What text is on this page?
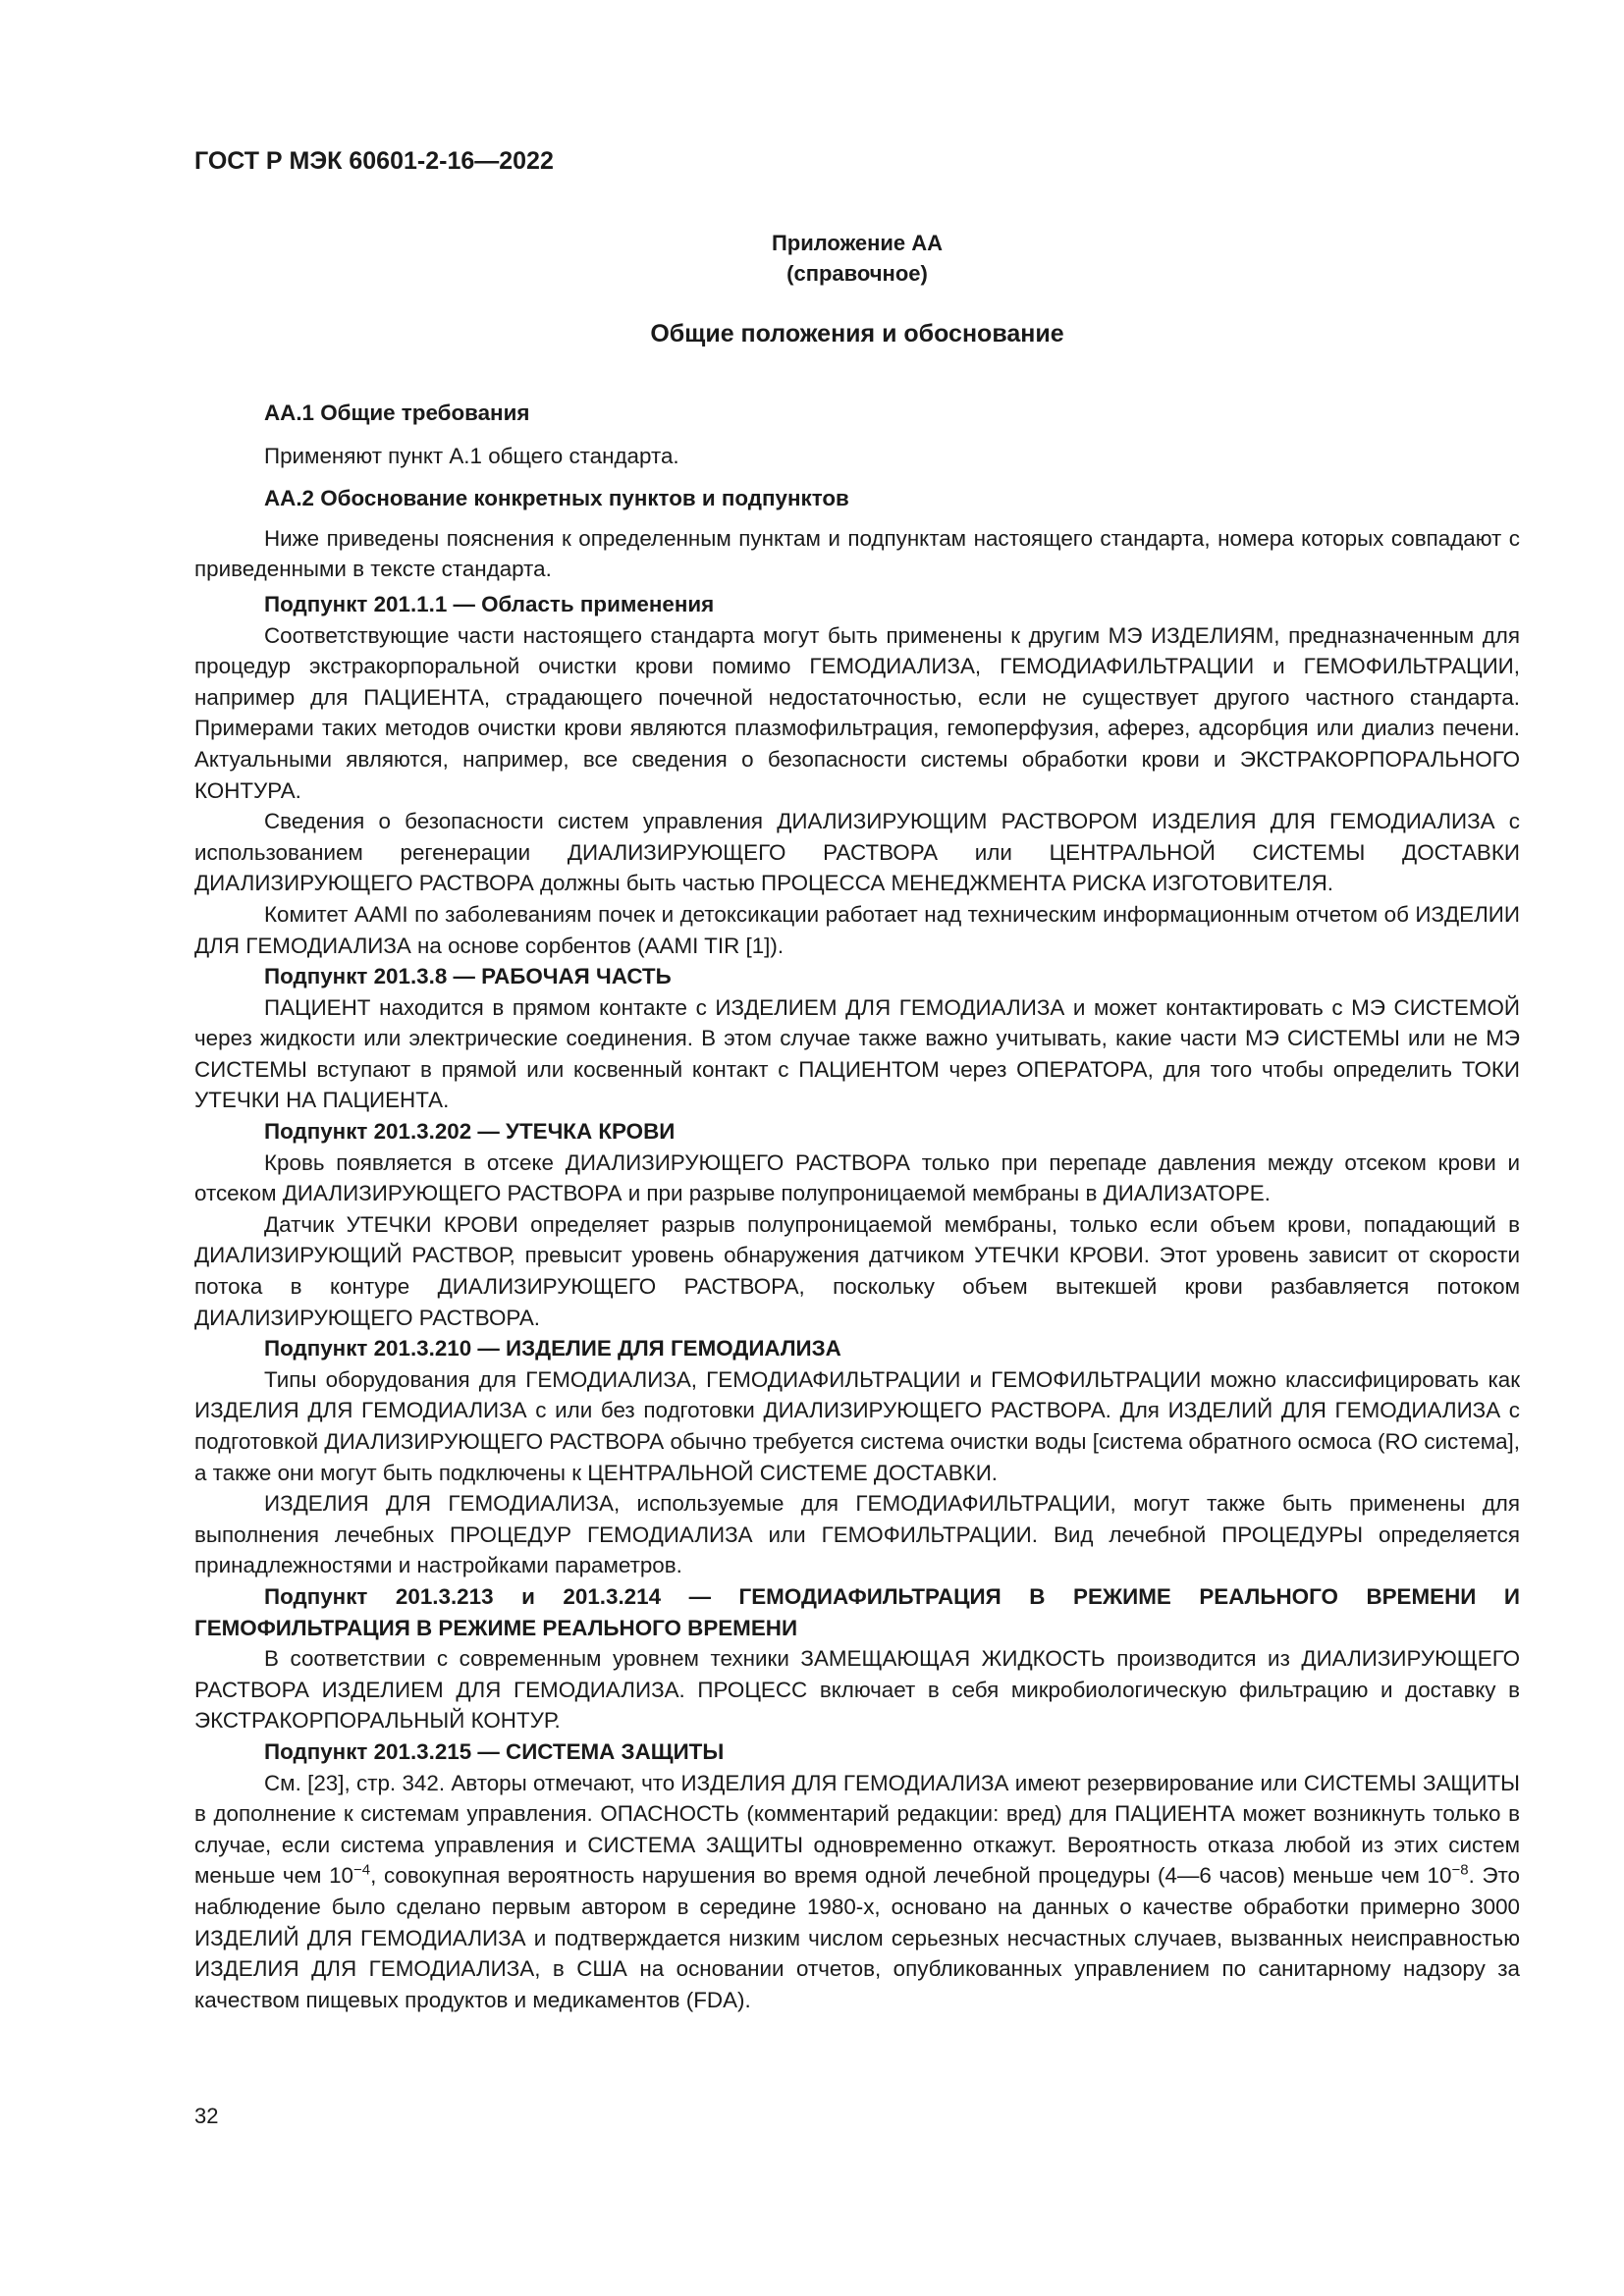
ГОСТ Р МЭК 60601-2-16—2022
Приложение АА
(справочное)
Общие положения и обоснование

АА.1 Общие требования

Применяют пункт А.1 общего стандарта.

АА.2 Обоснование конкретных пунктов и подпунктов

Ниже приведены пояснения к определенным пунктам и подпунктам настоящего стандарта, номера которых совпадают с приведенными в тексте стандарта.

Подпункт 201.1.1 — Область применения

Соответствующие части настоящего стандарта могут быть применены к другим МЭ ИЗДЕЛИЯМ, предназначенным для процедур экстракорпоральной очистки крови помимо ГЕМОДИАЛИЗА, ГЕМОДИАФИЛЬТРАЦИИ и ГЕМОФИЛЬТРАЦИИ, например для ПАЦИЕНТА, страдающего почечной недостаточностью, если не существует другого частного стандарта. Примерами таких методов очистки крови являются плазмофильтрация, гемоперфузия, аферез, адсорбция или диализ печени. Актуальными являются, например, все сведения о безопасности системы обработки крови и ЭКСТРАКОРПОРАЛЬНОГО КОНТУРА.

Сведения о безопасности систем управления ДИАЛИЗИРУЮЩИМ РАСТВОРОМ ИЗДЕЛИЯ ДЛЯ ГЕМОДИАЛИЗА с использованием регенерации ДИАЛИЗИРУЮЩЕГО РАСТВОРА или ЦЕНТРАЛЬНОЙ СИСТЕМЫ ДОСТАВКИ ДИАЛИЗИРУЮЩЕГО РАСТВОРА должны быть частью ПРОЦЕССА МЕНЕДЖМЕНТА РИСКА ИЗГОТОВИТЕЛЯ.

Комитет AAMI по заболеваниям почек и детоксикации работает над техническим информационным отчетом об ИЗДЕЛИИ ДЛЯ ГЕМОДИАЛИЗА на основе сорбентов (AAMI TIR [1]).

Подпункт 201.3.8 — РАБОЧАЯ ЧАСТЬ

ПАЦИЕНТ находится в прямом контакте с ИЗДЕЛИЕМ ДЛЯ ГЕМОДИАЛИЗА и может контактировать с МЭ СИСТЕМОЙ через жидкости или электрические соединения. В этом случае также важно учитывать, какие части МЭ СИСТЕМЫ или не МЭ СИСТЕМЫ вступают в прямой или косвенный контакт с ПАЦИЕНТОМ через ОПЕРАТОРА, для того чтобы определить ТОКИ УТЕЧКИ НА ПАЦИЕНТА.

Подпункт 201.3.202 — УТЕЧКА КРОВИ

Кровь появляется в отсеке ДИАЛИЗИРУЮЩЕГО РАСТВОРА только при перепаде давления между отсеком крови и отсеком ДИАЛИЗИРУЮЩЕГО РАСТВОРА и при разрыве полупроницаемой мембраны в ДИАЛИЗАТОРЕ.

Датчик УТЕЧКИ КРОВИ определяет разрыв полупроницаемой мембраны, только если объем крови, попадающий в ДИАЛИЗИРУЮЩИЙ РАСТВОР, превысит уровень обнаружения датчиком УТЕЧКИ КРОВИ. Этот уровень зависит от скорости потока в контуре ДИАЛИЗИРУЮЩЕГО РАСТВОРА, поскольку объем вытекшей крови разбавляется потоком ДИАЛИЗИРУЮЩЕГО РАСТВОРА.

Подпункт 201.3.210 — ИЗДЕЛИЕ ДЛЯ ГЕМОДИАЛИЗА

Типы оборудования для ГЕМОДИАЛИЗА, ГЕМОДИАФИЛЬТРАЦИИ и ГЕМОФИЛЬТРАЦИИ можно классифицировать как ИЗДЕЛИЯ ДЛЯ ГЕМОДИАЛИЗА с или без подготовки ДИАЛИЗИРУЮЩЕГО РАСТВОРА. Для ИЗДЕЛИЙ ДЛЯ ГЕМОДИАЛИЗА с подготовкой ДИАЛИЗИРУЮЩЕГО РАСТВОРА обычно требуется система очистки воды [система обратного осмоса (RO система], а также они могут быть подключены к ЦЕНТРАЛЬНОЙ СИСТЕМЕ ДОСТАВКИ.

ИЗДЕЛИЯ ДЛЯ ГЕМОДИАЛИЗА, используемые для ГЕМОДИАФИЛЬТРАЦИИ, могут также быть применены для выполнения лечебных ПРОЦЕДУР ГЕМОДИАЛИЗА или ГЕМОФИЛЬТРАЦИИ. Вид лечебной ПРОЦЕДУРЫ определяется принадлежностями и настройками параметров.

Подпункт 201.3.213 и 201.3.214 — ГЕМОДИАФИЛЬТРАЦИЯ В РЕЖИМЕ РЕАЛЬНОГО ВРЕМЕНИ И ГЕМОФИЛЬТРАЦИЯ В РЕЖИМЕ РЕАЛЬНОГО ВРЕМЕНИ

В соответствии с современным уровнем техники ЗАМЕЩАЮЩАЯ ЖИДКОСТЬ производится из ДИАЛИЗИРУЮЩЕГО РАСТВОРА ИЗДЕЛИЕМ ДЛЯ ГЕМОДИАЛИЗА. ПРОЦЕСС включает в себя микробиологическую фильтрацию и доставку в ЭКСТРАКОРПОРАЛЬНЫЙ КОНТУР.

Подпункт 201.3.215 — СИСТЕМА ЗАЩИТЫ

См. [23], стр. 342. Авторы отмечают, что ИЗДЕЛИЯ ДЛЯ ГЕМОДИАЛИЗА имеют резервирование или СИСТЕМЫ ЗАЩИТЫ в дополнение к системам управления. ОПАСНОСТЬ (комментарий редакции: вред) для ПАЦИЕНТА может возникнуть только в случае, если система управления и СИСТЕМА ЗАЩИТЫ одновременно откажут. Вероятность отказа любой из этих систем меньше чем $10^{-4}$, совокупная вероятность нарушения во время одной лечебной процедуры (4—6 часов) меньше чем $10^{-8}$. Это наблюдение было сделано первым автором в середине 1980-х, основано на данных о качестве обработки примерно 3000 ИЗДЕЛИЙ ДЛЯ ГЕМОДИАЛИЗА и подтверждается низким числом серьезных несчастных случаев, вызванных неисправностью ИЗДЕЛИЯ ДЛЯ ГЕМОДИАЛИЗА, в США на основании отчетов, опубликованных управлением по санитарному надзору за качеством пищевых продуктов и медикаментов (FDA).

32
